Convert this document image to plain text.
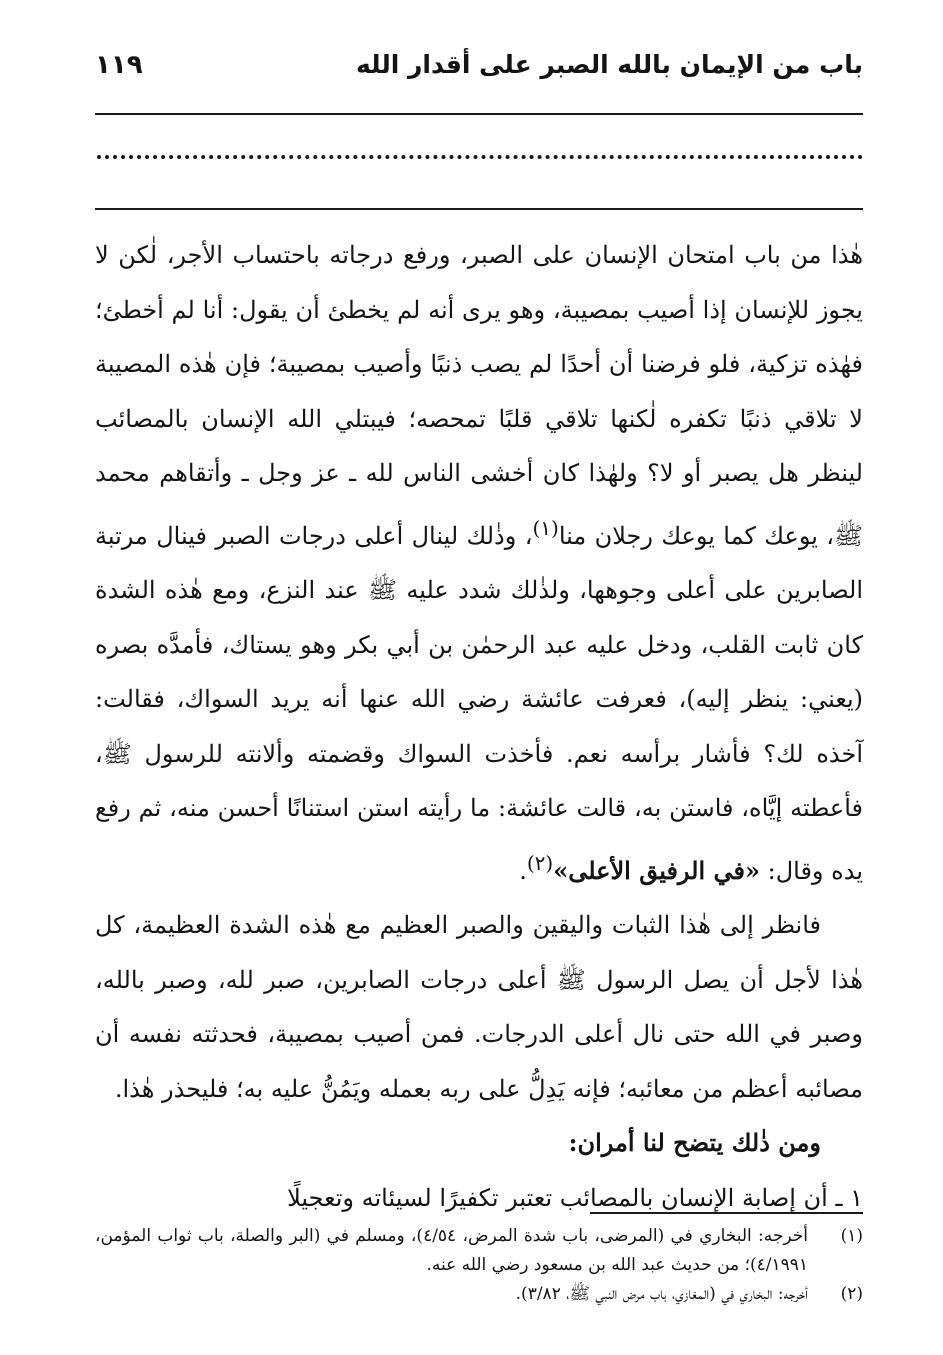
باب من الإيمان بالله الصبر على أقدار الله
١١٩

هٰذا من باب امتحان الإنسان على الصبر، ورفع درجاته باحتساب الأجر، لٰكن لا يجوز للإنسان إذا أصيب بمصيبة، وهو يرى أنه لم يخطئ أن يقول: أنا لم أخطئ؛ فهٰذه تزكية، فلو فرضنا أن أحدًا لم يصب ذنبًا وأصيب بمصيبة؛ فإن هٰذه المصيبة لا تلاقي ذنبًا تكفره لٰكنها تلاقي قلبًا تمحصه؛ فيبتلي الله الإنسان بالمصائب لينظر هل يصبر أو لا؟ ولهٰذا كان أخشى الناس لله ـ عز وجل ـ وأتقاهم محمد ﷺ، يوعك كما يوعك رجلان منا$^{(١)}$، وذٰلك لينال أعلى درجات الصبر فينال مرتبة الصابرين على أعلى وجوهها، ولذٰلك شدد عليه ﷺ عند النزع، ومع هٰذه الشدة كان ثابت القلب، ودخل عليه عبد الرحمٰن بن أبي بكر وهو يستاك، فأمدَّه بصره (يعني: ينظر إليه)، فعرفت عائشة رضي الله عنها أنه يريد السواك، فقالت: آخذه لك؟ فأشار برأسه نعم. فأخذت السواك وقضمته وألانته للرسول ﷺ، فأعطته إيَّاه، فاستن به، قالت عائشة: ما رأيته استن استنانًا أحسن منه، ثم رفع يده وقال: «في الرفيق الأعلى»$^{(٢)}$.

فانظر إلى هٰذا الثبات واليقين والصبر العظيم مع هٰذه الشدة العظيمة، كل هٰذا لأجل أن يصل الرسول ﷺ أعلى درجات الصابرين، صبر لله، وصبر بالله، وصبر في الله حتى نال أعلى الدرجات. فمن أصيب بمصيبة، فحدثته نفسه أن مصائبه أعظم من معائبه؛ فإنه يَدِلُّ على ربه بعمله ويَمُنُّ عليه به؛ فليحذر هٰذا.

ومن ذٰلك يتضح لنا أمران:

١ ـ أن إصابة الإنسان بالمصائب تعتبر تكفيرًا لسيئاته وتعجيلًا

(١)
أخرجه: البخاري في (المرضى، باب شدة المرض، ٤/٥٤)، ومسلم في (البر والصلة، باب ثواب المؤمن، ٤/١٩٩١)؛ من حديث عبد الله بن مسعود رضي الله عنه.
(٢)
أخرجه: البخاري في (المغازي، باب مرض النبي ﷺ، ٣/٨٢).
